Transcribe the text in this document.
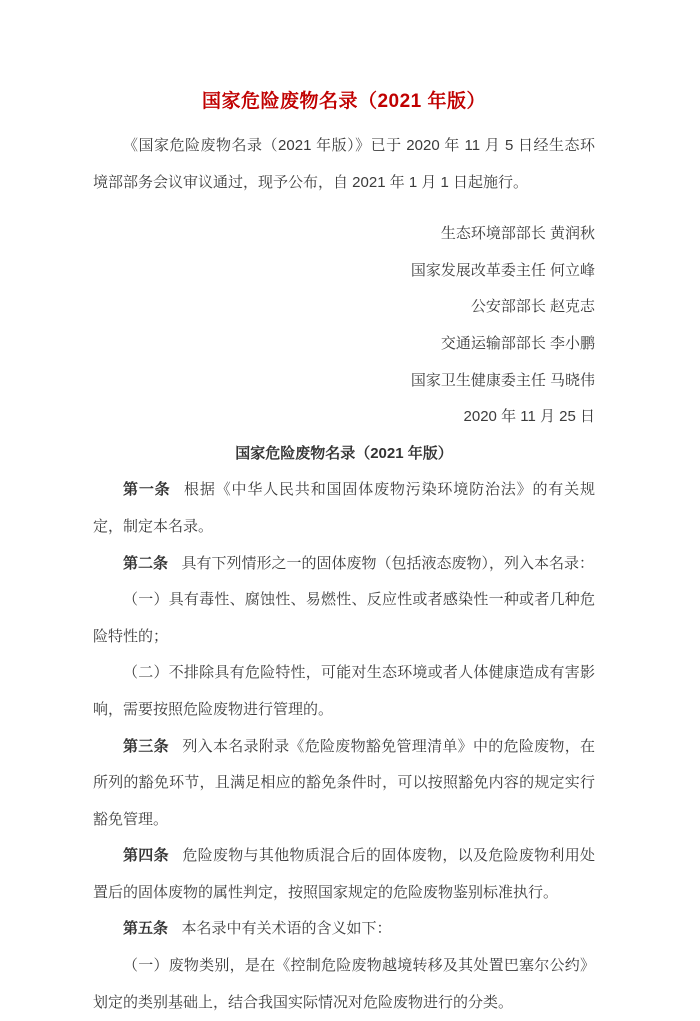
国家危险废物名录（2021 年版）

《国家危险废物名录（2021 年版）》已于 2020 年 11 月 5 日经生态环境部部务会议审议通过，现予公布，自 2021 年 1 月 1 日起施行。

生态环境部部长 黄润秋
国家发展改革委主任 何立峰
公安部部长 赵克志
交通运输部部长 李小鹏
国家卫生健康委主任 马晓伟
2020 年 11 月 25 日
国家危险废物名录（2021 年版）

第一条 根据《中华人民共和国固体废物污染环境防治法》的有关规定，制定本名录。

第二条 具有下列情形之一的固体废物（包括液态废物），列入本名录：

（一）具有毒性、腐蚀性、易燃性、反应性或者感染性一种或者几种危险特性的；

（二）不排除具有危险特性，可能对生态环境或者人体健康造成有害影响，需要按照危险废物进行管理的。

第三条 列入本名录附录《危险废物豁免管理清单》中的危险废物，在所列的豁免环节，且满足相应的豁免条件时，可以按照豁免内容的规定实行豁免管理。

第四条 危险废物与其他物质混合后的固体废物，以及危险废物利用处置后的固体废物的属性判定，按照国家规定的危险废物鉴别标准执行。

第五条 本名录中有关术语的含义如下：

（一）废物类别，是在《控制危险废物越境转移及其处置巴塞尔公约》划定的类别基础上，结合我国实际情况对危险废物进行的分类。
